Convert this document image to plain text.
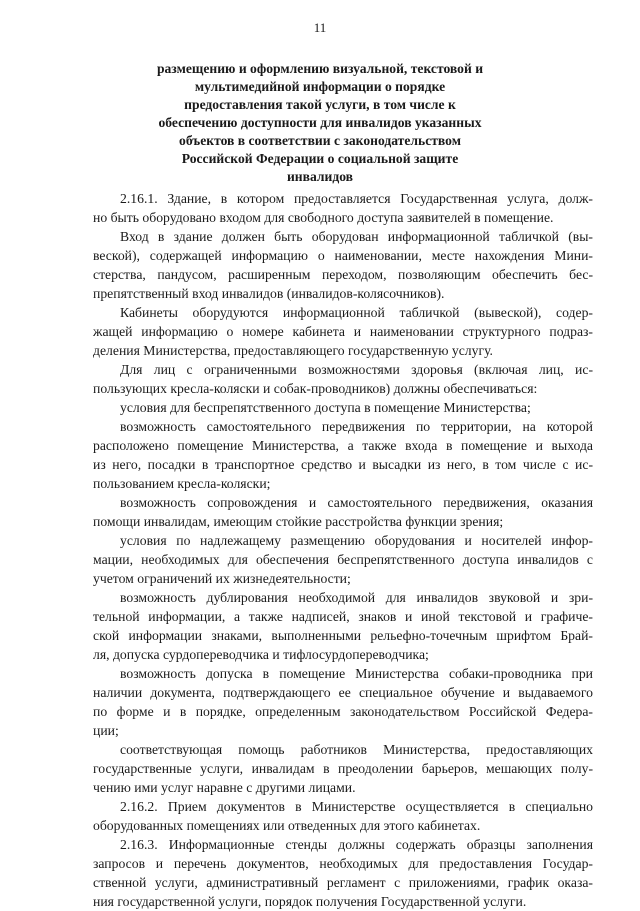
11
размещению и оформлению визуальной, текстовой и
мультимедийной информации о порядке
предоставления такой услуги, в том числе к
обеспечению доступности для инвалидов указанных
объектов в соответствии с законодательством
Российской Федерации о социальной защите
инвалидов
2.16.1. Здание, в котором предоставляется Государственная услуга, долж-
но быть оборудовано входом для свободного доступа заявителей в помещение.
Вход в здание должен быть оборудован информационной табличкой (вы-
веской), содержащей информацию о наименовании, месте нахождения Мини-
стерства, пандусом, расширенным переходом, позволяющим обеспечить бес-
препятственный вход инвалидов (инвалидов-колясочников).
Кабинеты оборудуются информационной табличкой (вывеской), содер-
жащей информацию о номере кабинета и наименовании структурного подраз-
деления Министерства, предоставляющего государственную услугу.
Для лиц с ограниченными возможностями здоровья (включая лиц, ис-
пользующих кресла-коляски и собак-проводников) должны обеспечиваться:
условия для беспрепятственного доступа в помещение Министерства;
возможность самостоятельного передвижения по территории, на которой
расположено помещение Министерства, а также входа в помещение и выхода
из него, посадки в транспортное средство и высадки из него, в том числе с ис-
пользованием кресла-коляски;
возможность сопровождения и самостоятельного передвижения, оказания
помощи инвалидам, имеющим стойкие расстройства функции зрения;
условия по надлежащему размещению оборудования и носителей инфор-
мации, необходимых для обеспечения беспрепятственного доступа инвалидов с
учетом ограничений их жизнедеятельности;
возможность дублирования необходимой для инвалидов звуковой и зри-
тельной информации, а также надписей, знаков и иной текстовой и графиче-
ской информации знаками, выполненными рельефно-точечным шрифтом Брай-
ля, допуска сурдопереводчика и тифлосурдопереводчика;
возможность допуска в помещение Министерства собаки-проводника при
наличии документа, подтверждающего ее специальное обучение и выдаваемого
по форме и в порядке, определенным законодательством Российской Федера-
ции;
соответствующая помощь работников Министерства, предоставляющих
государственные услуги, инвалидам в преодолении барьеров, мешающих полу-
чению ими услуг наравне с другими лицами.
2.16.2. Прием документов в Министерстве осуществляется в специально
оборудованных помещениях или отведенных для этого кабинетах.
2.16.3. Информационные стенды должны содержать образцы заполнения
запросов и перечень документов, необходимых для предоставления Государ-
ственной услуги, административный регламент с приложениями, график оказа-
ния государственной услуги, порядок получения Государственной услуги.
